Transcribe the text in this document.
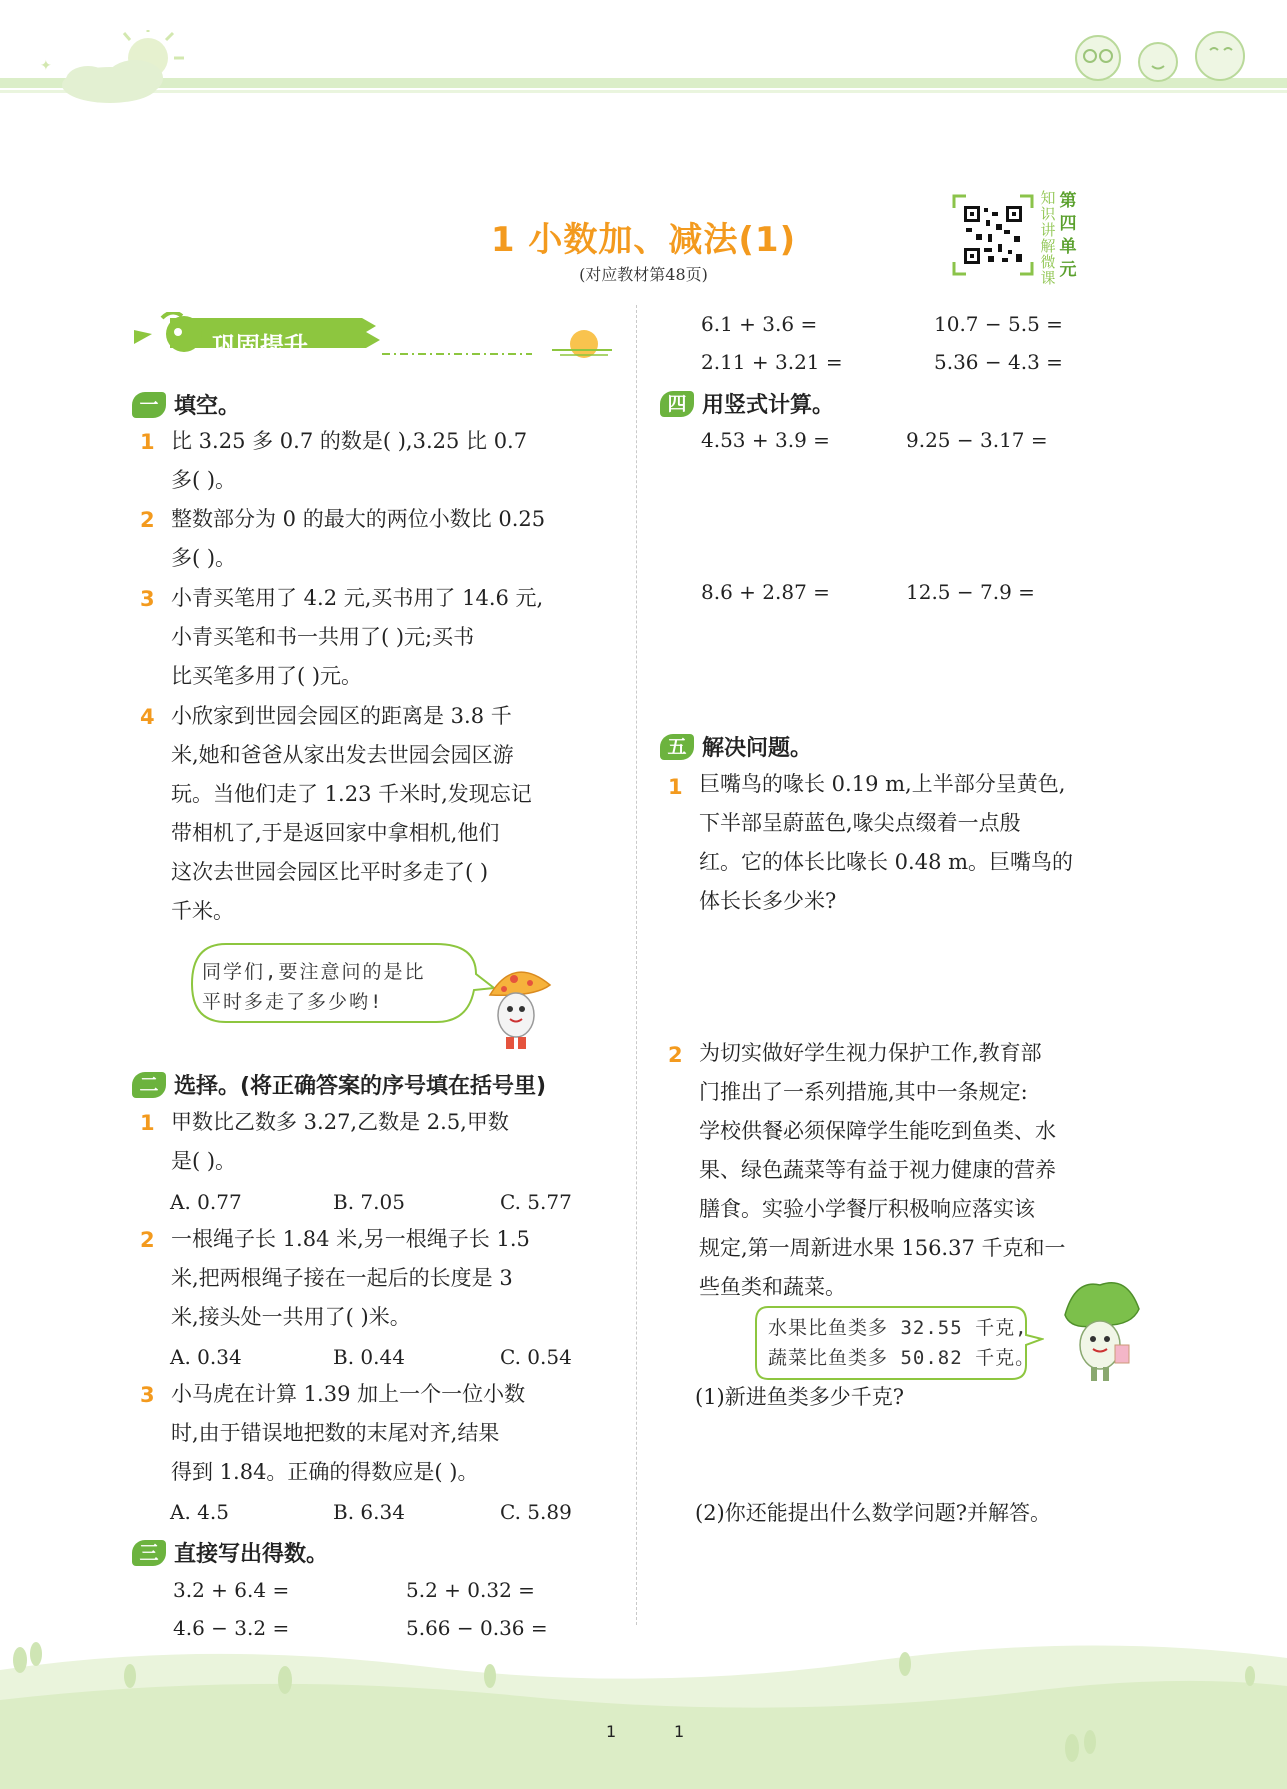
✦
1 小数加、减法(1)
(对应教材第48页)
知识讲解微课
第四单元
巩固提升
一 填空。
1 比 3.25 多 0.7 的数是( ),3.25 比 0.7
多( )。
2 整数部分为 0 的最大的两位小数比 0.25
多( )。
3 小青买笔用了 4.2 元,买书用了 14.6 元,
小青买笔和书一共用了( )元;买书
比买笔多用了( )元。
4 小欣家到世园会园区的距离是 3.8 千
米,她和爸爸从家出发去世园会园区游
玩。当他们走了 1.23 千米时,发现忘记
带相机了,于是返回家中拿相机,他们
这次去世园会园区比平时多走了( )
千米。
同学们,要注意问的是比
平时多走了多少哟!
二 选择。(将正确答案的序号填在括号里)
1 甲数比乙数多 3.27,乙数是 2.5,甲数
是( )。
A. 0.77	B. 7.05	C. 5.77
2 一根绳子长 1.84 米,另一根绳子长 1.5
米,把两根绳子接在一起后的长度是 3
米,接头处一共用了( )米。
A. 0.34	B. 0.44	C. 0.54
3 小马虎在计算 1.39 加上一个一位小数
时,由于错误地把数的末尾对齐,结果
得到 1.84。正确的得数应是( )。
A. 4.5	B. 6.34	C. 5.89
三 直接写出得数。
3.2 + 6.4 =	5.2 + 0.32 =
4.6 − 3.2 =	5.66 − 0.36 =
6.1 + 3.6 =	10.7 − 5.5 =
2.11 + 3.21 =	5.36 − 4.3 =
四 用竖式计算。
4.53 + 3.9 =	9.25 − 3.17 =
8.6 + 2.87 =	12.5 − 7.9 =
五 解决问题。
1 巨嘴鸟的喙长 0.19 m,上半部分呈黄色,
下半部呈蔚蓝色,喙尖点缀着一点殷
红。它的体长比喙长 0.48 m。巨嘴鸟的
体长长多少米?
2 为切实做好学生视力保护工作,教育部
门推出了一系列措施,其中一条规定:
学校供餐必须保障学生能吃到鱼类、水
果、绿色蔬菜等有益于视力健康的营养
膳食。实验小学餐厅积极响应落实该
规定,第一周新进水果 156.37 千克和一
些鱼类和蔬菜。
水果比鱼类多 32.55 千克,
蔬菜比鱼类多 50.82 千克。
(1)新进鱼类多少千克?
(2)你还能提出什么数学问题?并解答。
1	1
